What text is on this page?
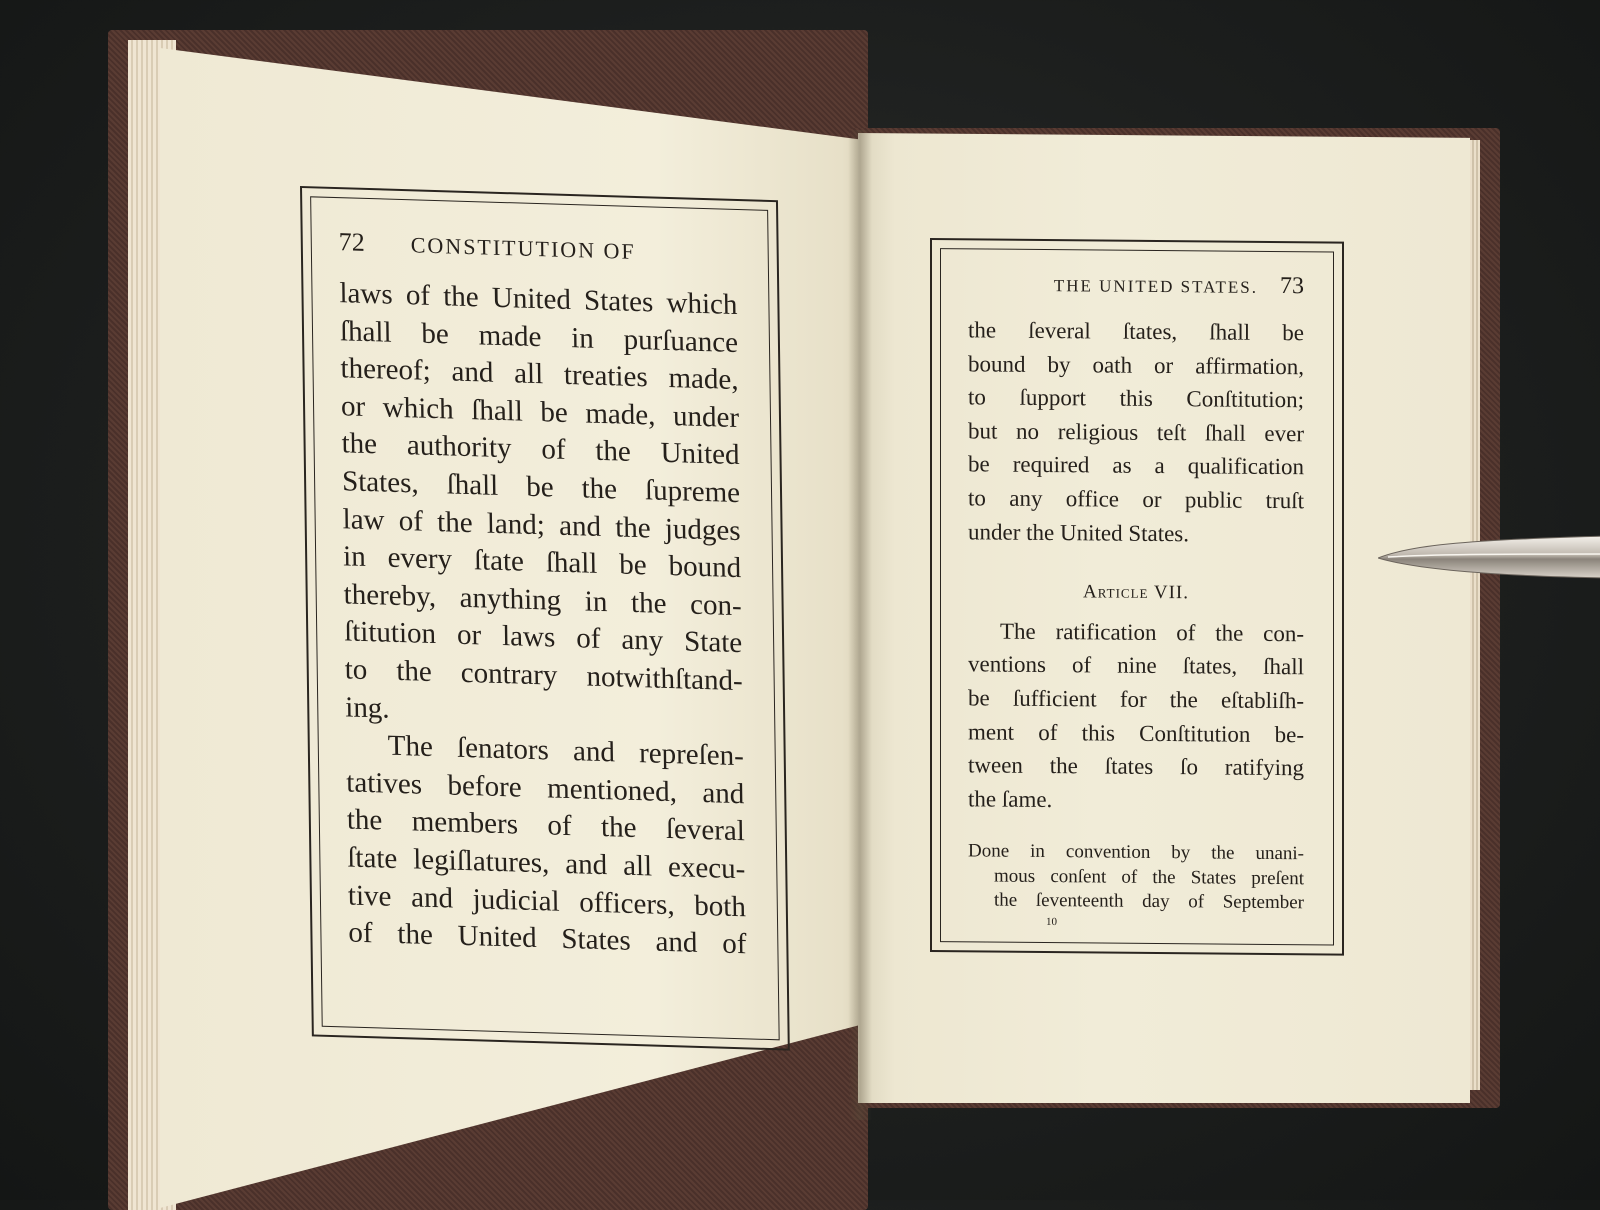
72 CONSTITUTION OF
laws of the United States which
ſhall be made in purſuance
thereof; and all treaties made,
or which ſhall be made, under
the authority of the United
States, ſhall be the ſupreme
law of the land; and the judges
in every ſtate ſhall be bound
thereby, anything in the con-
ſtitution or laws of any State
to the contrary notwithſtand-
ing.
The ſenators and repreſen-
tatives before mentioned, and
the members of the ſeveral
ſtate legiſlatures, and all execu-
tive and judicial officers, both
of the United States and of
THE UNITED STATES. 73
the ſeveral ſtates, ſhall be
bound by oath or affirmation,
to ſupport this Conſtitution;
but no religious teſt ſhall ever
be required as a qualification
to any office or public truſt
under the United States.
Article VII.
The ratification of the con-
ventions of nine ſtates, ſhall
be ſufficient for the eſtabliſh-
ment of this Conſtitution be-
tween the ſtates ſo ratifying
the ſame.
Done in convention by the unani-
mous conſent of the States preſent
the ſeventeenth day of September
10
